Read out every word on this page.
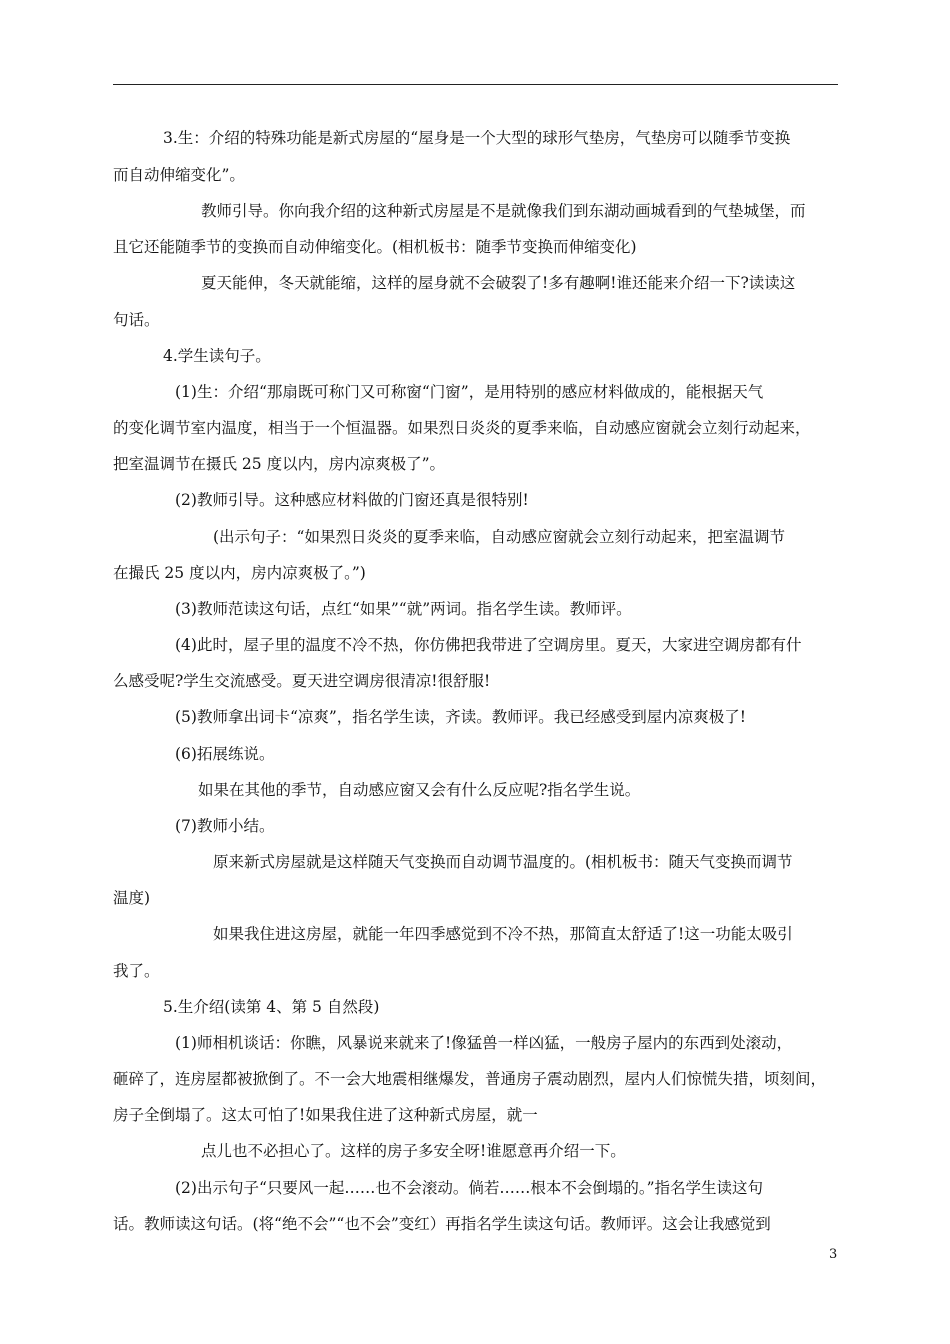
3.生：介绍的特殊功能是新式房屋的“屋身是一个大型的球形气垫房，气垫房可以随季节变换
而自动伸缩变化”。
教师引导。你向我介绍的这种新式房屋是不是就像我们到东湖动画城看到的气垫城堡，而
且它还能随季节的变换而自动伸缩变化。(相机板书：随季节变换而伸缩变化)
夏天能伸，冬天就能缩，这样的屋身就不会破裂了!多有趣啊!谁还能来介绍一下?读读这
句话。
4.学生读句子。
(1)生：介绍“那扇既可称门又可称窗“门窗”，是用特别的感应材料做成的，能根据天气
的变化调节室内温度，相当于一个恒温器。如果烈日炎炎的夏季来临，自动感应窗就会立刻行动起来，
把室温调节在摄氏 25 度以内，房内凉爽极了”。
(2)教师引导。这种感应材料做的门窗还真是很特别!
(出示句子：“如果烈日炎炎的夏季来临，自动感应窗就会立刻行动起来，把室温调节
在撮氏 25 度以内，房内凉爽极了。”)
(3)教师范读这句话，点红“如果”“就”两词。指名学生读。教师评。
(4)此时，屋子里的温度不冷不热，你仿佛把我带进了空调房里。夏天，大家进空调房都有什
么感受呢?学生交流感受。夏天进空调房很清凉!很舒服!
(5)教师拿出词卡“凉爽”，指名学生读，齐读。教师评。我已经感受到屋内凉爽极了!
(6)拓展练说。
如果在其他的季节，自动感应窗又会有什么反应呢?指名学生说。
(7)教师小结。
原来新式房屋就是这样随天气变换而自动调节温度的。(相机板书：随天气变换而调节
温度)
如果我住进这房屋，就能一年四季感觉到不冷不热，那简直太舒适了!这一功能太吸引
我了。
5.生介绍(读第 4、第 5 自然段)
(1)师相机谈话：你瞧，风暴说来就来了!像猛兽一样凶猛，一般房子屋内的东西到处滚动，
砸碎了，连房屋都被掀倒了。不一会大地震相继爆发，普通房子震动剧烈，屋内人们惊慌失措，顷刻间，
房子全倒塌了。这太可怕了!如果我住进了这种新式房屋，就一
点儿也不必担心了。这样的房子多安全呀!谁愿意再介绍一下。
(2)出示句子“只要风一起……也不会滚动。倘若……根本不会倒塌的。”指名学生读这句
话。教师读这句话。(将“绝不会”“也不会”变红）再指名学生读这句话。教师评。这会让我感觉到
3
